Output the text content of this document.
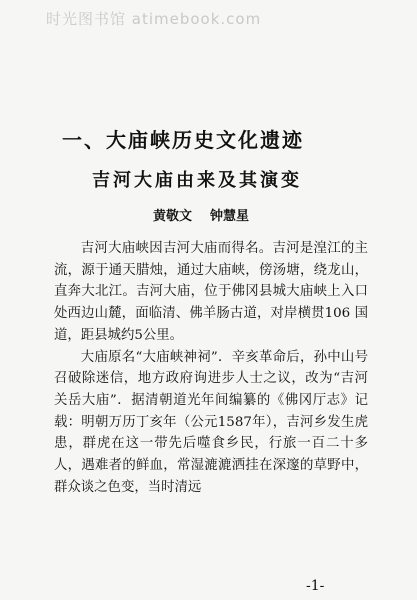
时光图书馆 atimebook.com
一、大庙峡历史文化遗迹
吉河大庙由来及其演变
黄敬文 钟慧星

吉河大庙峡因吉河大庙而得名。吉河是湟江的主流，源于通天腊烛，通过大庙峡，傍汤塘，绕龙山，直奔大北江。吉河大庙，位于佛冈县城大庙峡上入口处西边山麓，面临清、佛羊肠古道，对岸横贯106 国道，距县城约5公里。

大庙原名“大庙峡神祠”．辛亥革命后，孙中山号召破除迷信，地方政府询进步人士之议，改为“吉河关岳大庙”．据清朝道光年间编纂的《佛冈厅志》记载：明朝万历丁亥年（公元1587年），吉河乡发生虎患，群虎在这一带先后噬食乡民，行旅一百二十多人，遇难者的鲜血，常湿漉漉洒挂在深邃的草野中，群众谈之色变，当时清远

-1-
